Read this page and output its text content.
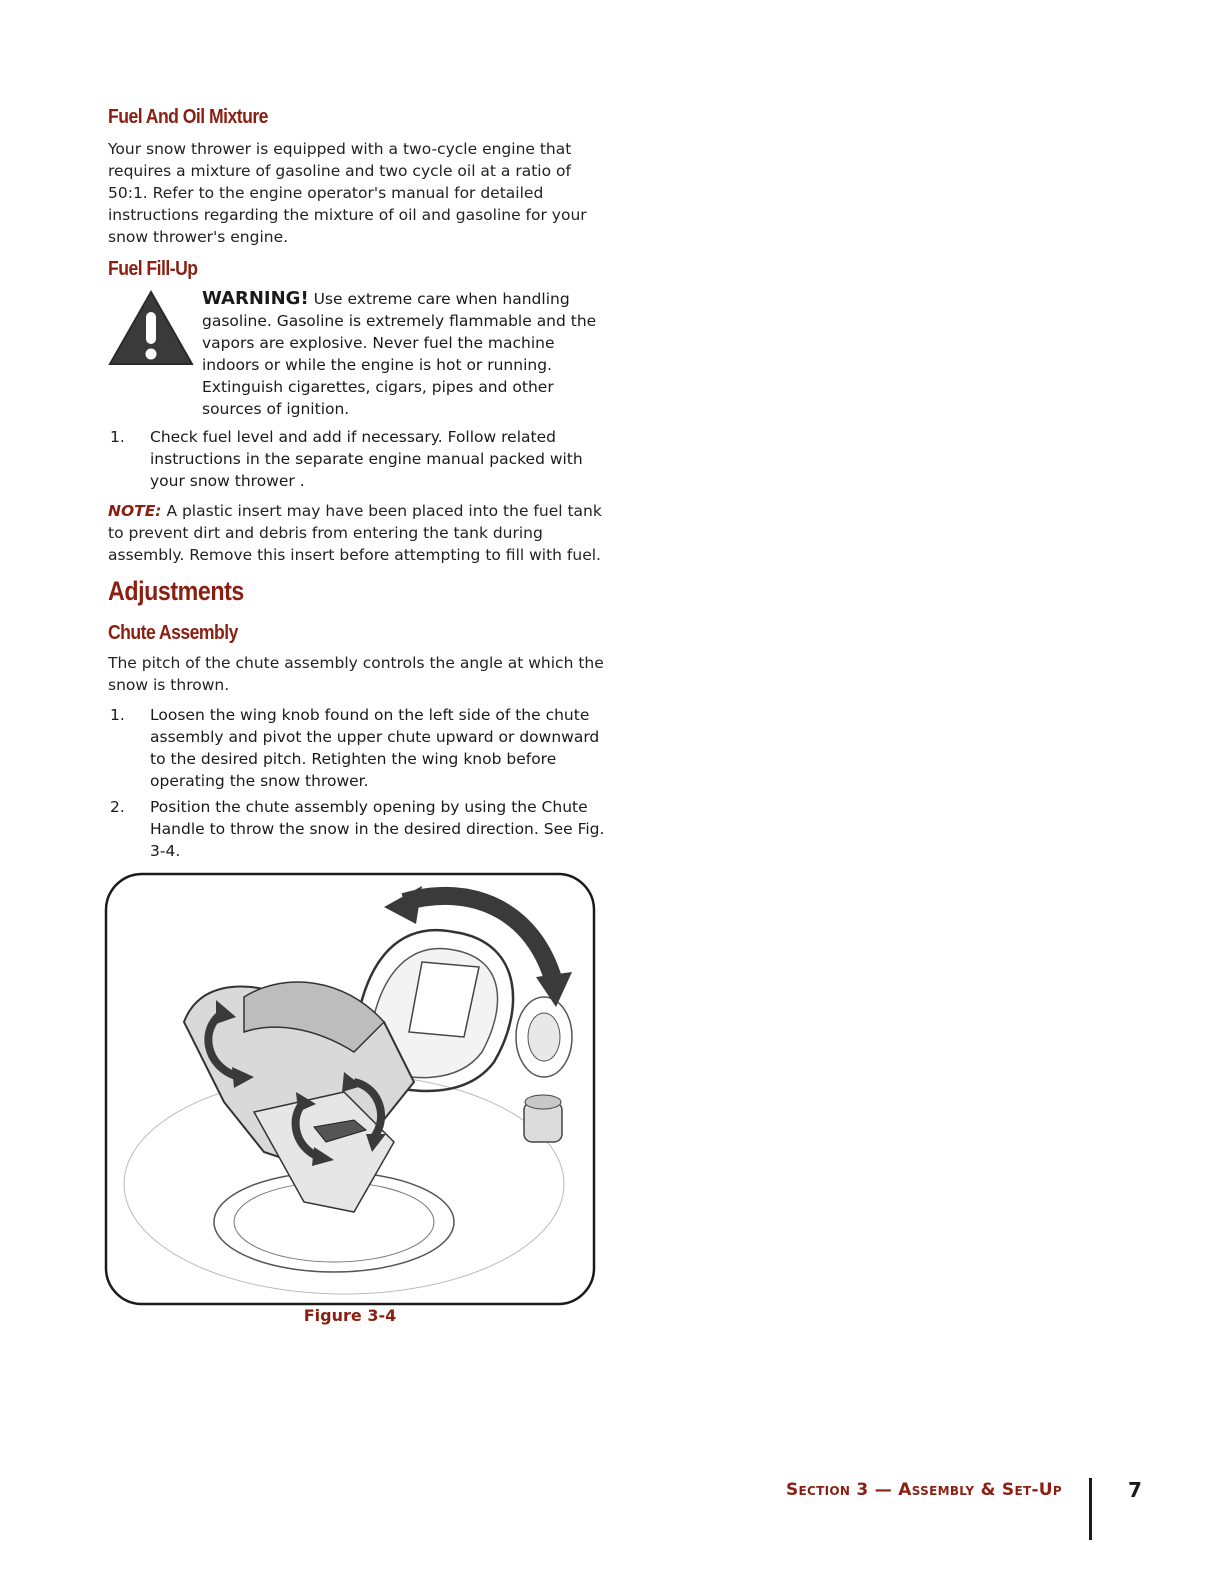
Fuel And Oil Mixture

Your snow thrower is equipped with a two-cycle engine that requires a mixture of gasoline and two cycle oil at a ratio of 50:1. Refer to the engine operator's manual for detailed instructions regarding the mixture of oil and gasoline for your snow thrower's engine.

Fuel Fill-Up
WARNING! Use extreme care when handling gasoline. Gasoline is extremely flammable and the vapors are explosive. Never fuel the machine indoors or while the engine is hot or running. Extinguish cigarettes, cigars, pipes and other sources of ignition.
1. Check fuel level and add if necessary. Follow related instructions in the separate engine manual packed with your snow thrower .

NOTE: A plastic insert may have been placed into the fuel tank to prevent dirt and debris from entering the tank during assembly. Remove this insert before attempting to fill with fuel.

Adjustments
Chute Assembly

The pitch of the chute assembly controls the angle at which the snow is thrown.

1. Loosen the wing knob found on the left side of the chute assembly and pivot the upper chute upward or downward to the desired pitch. Retighten the wing knob before operating the snow thrower.
2. Position the chute assembly opening by using the Chute Handle to throw the snow in the desired direction. See Fig. 3-4.
Figure 3-4
Section 3 — Assembly & Set-Up	7
